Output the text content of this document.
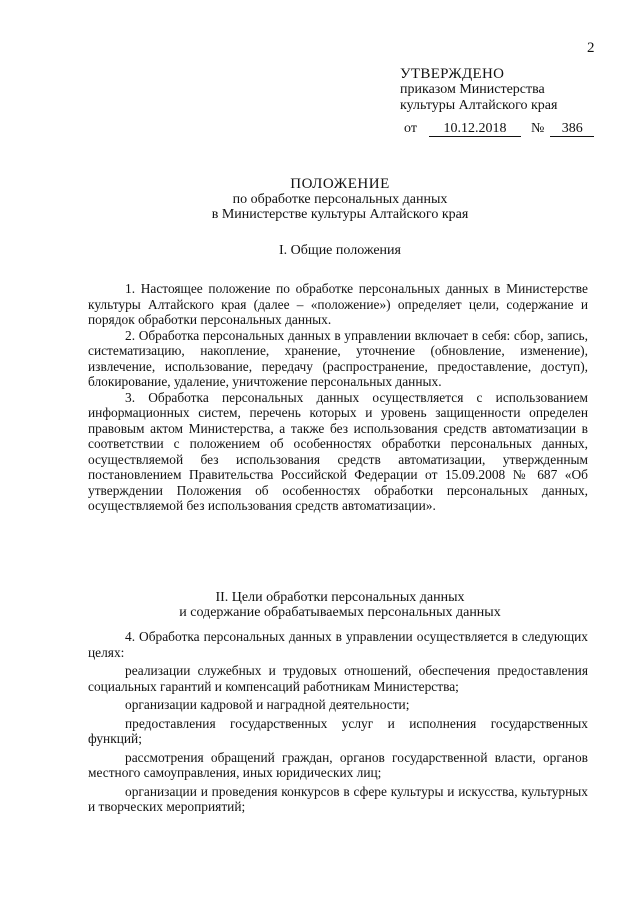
2
УТВЕРЖДЕНО
приказом Министерства
культуры Алтайского края
от 10.12.2018 № 386
ПОЛОЖЕНИЕ
по обработке персональных данных
в Министерстве культуры Алтайского края
I. Общие положения

1. Настоящее положение по обработке персональных данных в Министерстве культуры Алтайского края (далее – «положение») определяет цели, содержание и порядок обработки персональных данных.

2. Обработка персональных данных в управлении включает в себя: сбор, запись, систематизацию, накопление, хранение, уточнение (обновление, изменение), извлечение, использование, передачу (распространение, предоставление, доступ), блокирование, удаление, уничтожение персональных данных.

3. Обработка персональных данных осуществляется с использованием информационных систем, перечень которых и уровень защищенности определен правовым актом Министерства, а также без использования средств автоматизации в соответствии с положением об особенностях обработки персональных данных, осуществляемой без использования средств автоматизации, утвержденным постановлением Правительства Российской Федерации от 15.09.2008 № 687 «Об утверждении Положения об особенностях обработки персональных данных, осуществляемой без использования средств автоматизации».

II. Цели обработки персональных данных
и содержание обрабатываемых персональных данных

4. Обработка персональных данных в управлении осуществляется в следующих целях:

реализации служебных и трудовых отношений, обеспечения предоставления социальных гарантий и компенсаций работникам Министерства;

организации кадровой и наградной деятельности;

предоставления государственных услуг и исполнения государственных функций;

рассмотрения обращений граждан, органов государственной власти, органов местного самоуправления, иных юридических лиц;

организации и проведения конкурсов в сфере культуры и искусства, культурных и творческих мероприятий;
